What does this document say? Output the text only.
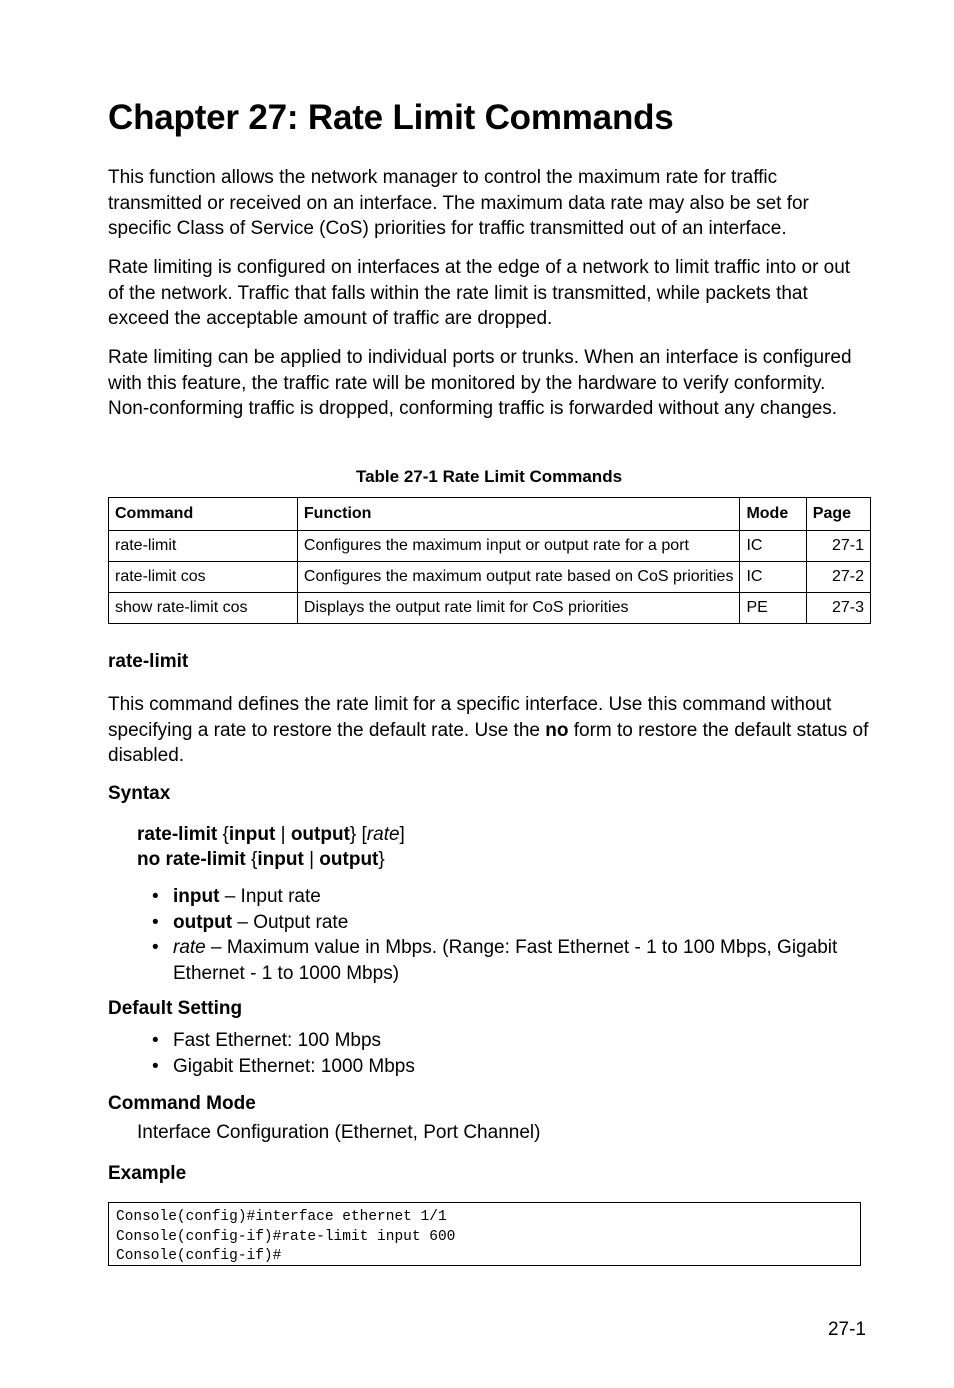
Chapter 27: Rate Limit Commands

This function allows the network manager to control the maximum rate for traffic transmitted or received on an interface. The maximum data rate may also be set for specific Class of Service (CoS) priorities for traffic transmitted out of an interface.

Rate limiting is configured on interfaces at the edge of a network to limit traffic into or out of the network. Traffic that falls within the rate limit is transmitted, while packets that exceed the acceptable amount of traffic are dropped.

Rate limiting can be applied to individual ports or trunks. When an interface is configured with this feature, the traffic rate will be monitored by the hardware to verify conformity. Non-conforming traffic is dropped, conforming traffic is forwarded without any changes.

Table 27-1 Rate Limit Commands
Command	Function	Mode	Page
rate-limit	Configures the maximum input or output rate for a port	IC	27-1
rate-limit cos	Configures the maximum output rate based on CoS priorities	IC	27-2
show rate-limit cos	Displays the output rate limit for CoS priorities	PE	27-3
rate-limit

This command defines the rate limit for a specific interface. Use this command without specifying a rate to restore the default rate. Use the no form to restore the default status of disabled.

Syntax
rate-limit {input | output} [rate]
no rate-limit {input | output}
• input – Input rate
• output – Output rate
• rate – Maximum value in Mbps. (Range: Fast Ethernet - 1 to 100 Mbps, Gigabit Ethernet - 1 to 1000 Mbps)
Default Setting
• Fast Ethernet: 100 Mbps
• Gigabit Ethernet: 1000 Mbps
Command Mode
Interface Configuration (Ethernet, Port Channel)
Example
Console(config)#interface ethernet 1/1
Console(config-if)#rate-limit input 600
Console(config-if)#
27-1
